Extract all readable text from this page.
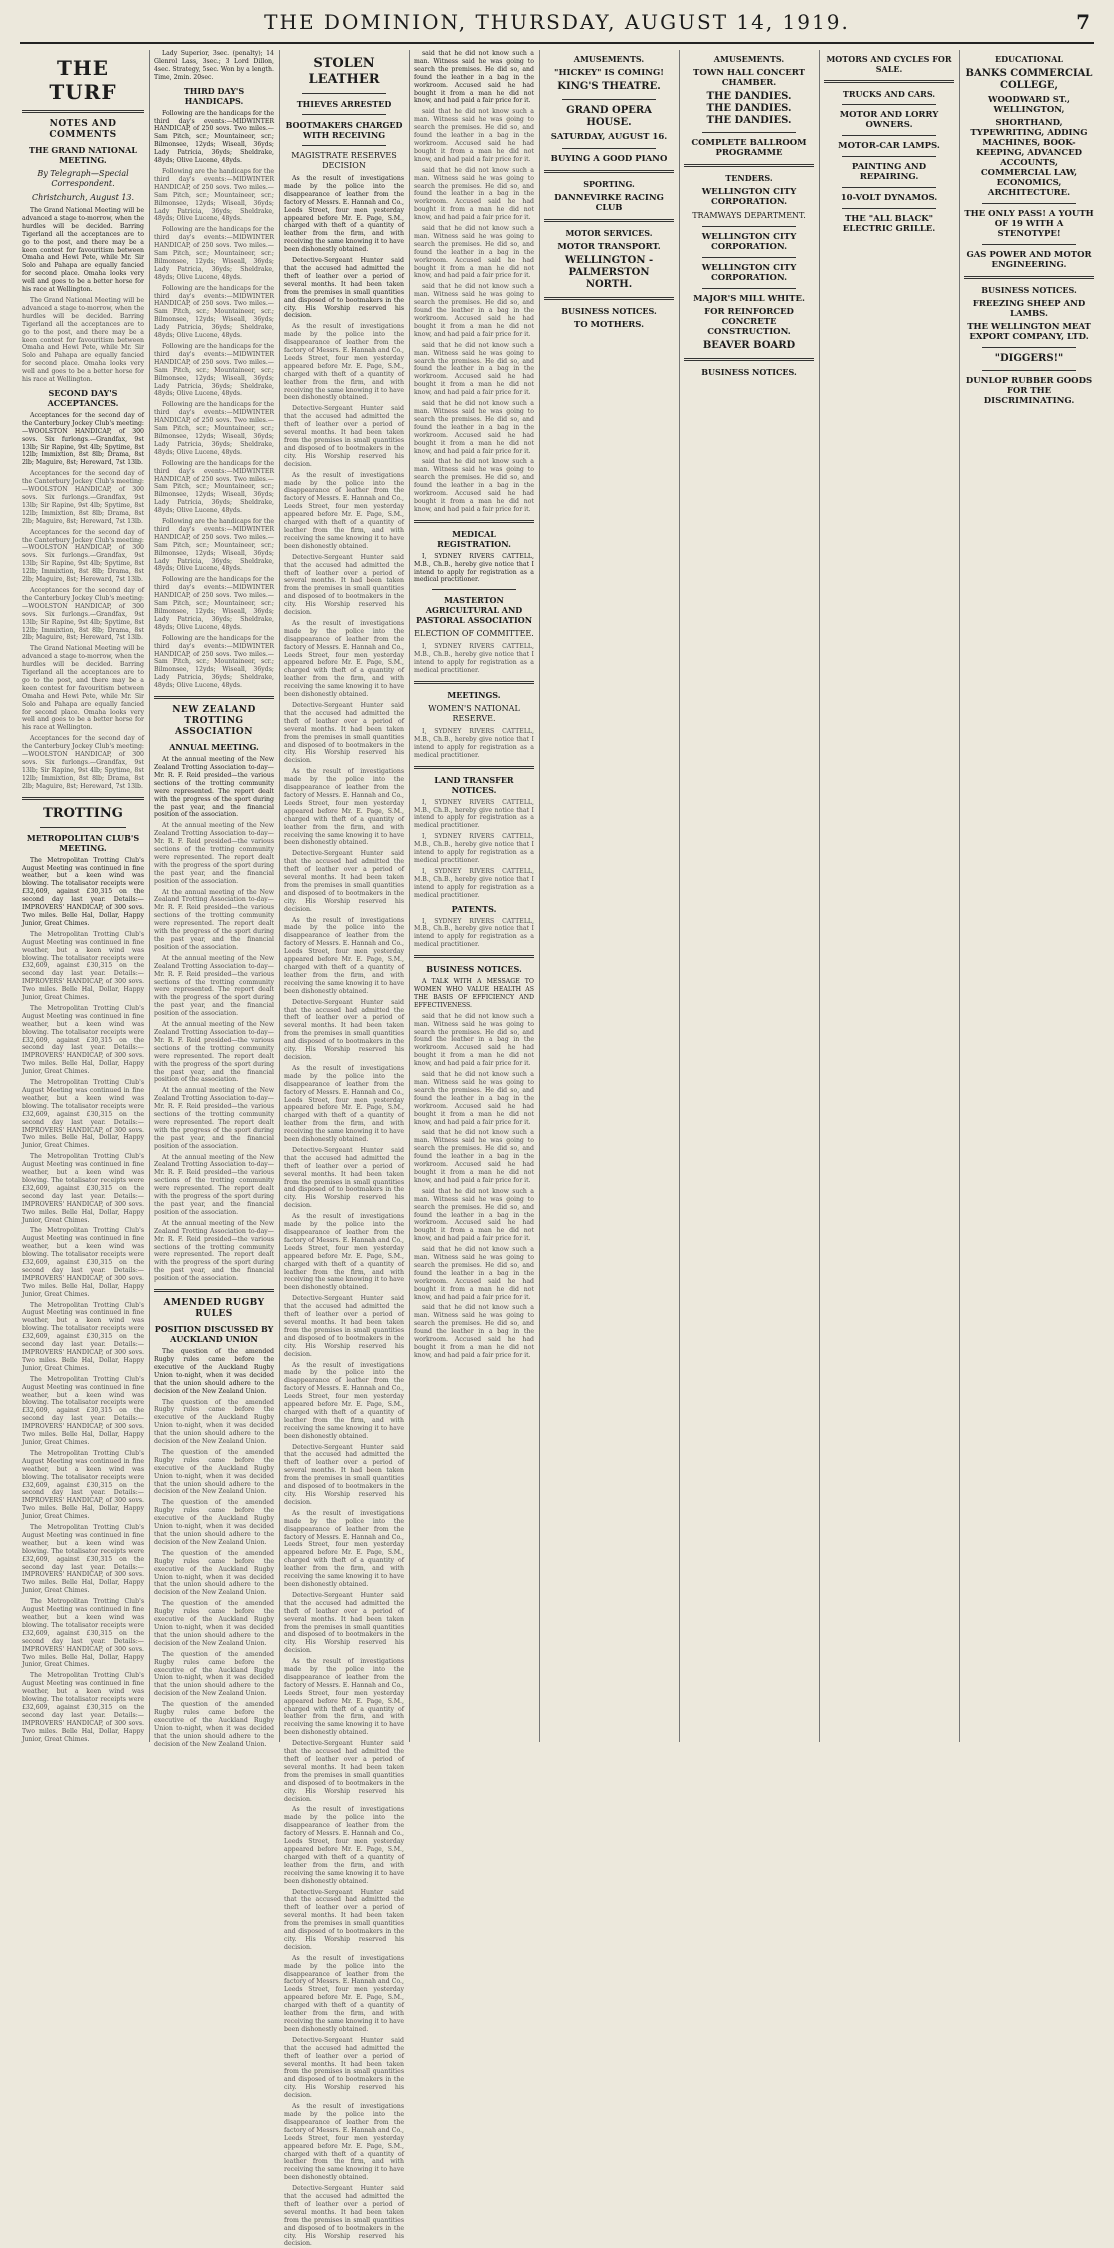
THE DOMINION, THURSDAY, AUGUST 14, 1919.	7
THE TURF
NOTES AND COMMENTS
THE GRAND NATIONAL MEETING.
By Telegraph—Special Correspondent.
Christchurch, August 13.

The Grand National Meeting will be advanced a stage to-morrow, when the hurdles will be decided. Barring Tigerland all the acceptances are to go to the post, and there may be a keen contest for favouritism between Omaha and Hewi Pete, while Mr. Sir Solo and Pahapa are equally fancied for second place. Omaha looks very well and goes to be a better horse for his race at Wellington.

The Grand National Meeting will be advanced a stage to-morrow, when the hurdles will be decided. Barring Tigerland all the acceptances are to go to the post, and there may be a keen contest for favouritism between Omaha and Hewi Pete, while Mr. Sir Solo and Pahapa are equally fancied for second place. Omaha looks very well and goes to be a better horse for his race at Wellington.

SECOND DAY'S ACCEPTANCES.

Acceptances for the second day of the Canterbury Jockey Club's meeting:—WOOLSTON HANDICAP, of 300 sovs. Six furlongs.—Grandfax, 9st 13lb; Sir Rapine, 9st 4lb; Spytime, 8st 12lb; Immixtion, 8st 8lb; Drama, 8st 2lb; Maguire, 8st; Hereward, 7st 13lb.

Acceptances for the second day of the Canterbury Jockey Club's meeting:—WOOLSTON HANDICAP, of 300 sovs. Six furlongs.—Grandfax, 9st 13lb; Sir Rapine, 9st 4lb; Spytime, 8st 12lb; Immixtion, 8st 8lb; Drama, 8st 2lb; Maguire, 8st; Hereward, 7st 13lb.

Acceptances for the second day of the Canterbury Jockey Club's meeting:—WOOLSTON HANDICAP, of 300 sovs. Six furlongs.—Grandfax, 9st 13lb; Sir Rapine, 9st 4lb; Spytime, 8st 12lb; Immixtion, 8st 8lb; Drama, 8st 2lb; Maguire, 8st; Hereward, 7st 13lb.

Acceptances for the second day of the Canterbury Jockey Club's meeting:—WOOLSTON HANDICAP, of 300 sovs. Six furlongs.—Grandfax, 9st 13lb; Sir Rapine, 9st 4lb; Spytime, 8st 12lb; Immixtion, 8st 8lb; Drama, 8st 2lb; Maguire, 8st; Hereward, 7st 13lb.

The Grand National Meeting will be advanced a stage to-morrow, when the hurdles will be decided. Barring Tigerland all the acceptances are to go to the post, and there may be a keen contest for favouritism between Omaha and Hewi Pete, while Mr. Sir Solo and Pahapa are equally fancied for second place. Omaha looks very well and goes to be a better horse for his race at Wellington.

Acceptances for the second day of the Canterbury Jockey Club's meeting:—WOOLSTON HANDICAP, of 300 sovs. Six furlongs.—Grandfax, 9st 13lb; Sir Rapine, 9st 4lb; Spytime, 8st 12lb; Immixtion, 8st 8lb; Drama, 8st 2lb; Maguire, 8st; Hereward, 7st 13lb.

TROTTING
METROPOLITAN CLUB'S MEETING.

The Metropolitan Trotting Club's August Meeting was continued in fine weather, but a keen wind was blowing. The totalisator receipts were £32,609, against £30,315 on the second day last year. Details:—IMPROVERS' HANDICAP, of 300 sovs. Two miles. Belle Hal, Dollar, Happy Junior, Great Chimes.

The Metropolitan Trotting Club's August Meeting was continued in fine weather, but a keen wind was blowing. The totalisator receipts were £32,609, against £30,315 on the second day last year. Details:—IMPROVERS' HANDICAP, of 300 sovs. Two miles. Belle Hal, Dollar, Happy Junior, Great Chimes.

The Metropolitan Trotting Club's August Meeting was continued in fine weather, but a keen wind was blowing. The totalisator receipts were £32,609, against £30,315 on the second day last year. Details:—IMPROVERS' HANDICAP, of 300 sovs. Two miles. Belle Hal, Dollar, Happy Junior, Great Chimes.

The Metropolitan Trotting Club's August Meeting was continued in fine weather, but a keen wind was blowing. The totalisator receipts were £32,609, against £30,315 on the second day last year. Details:—IMPROVERS' HANDICAP, of 300 sovs. Two miles. Belle Hal, Dollar, Happy Junior, Great Chimes.

The Metropolitan Trotting Club's August Meeting was continued in fine weather, but a keen wind was blowing. The totalisator receipts were £32,609, against £30,315 on the second day last year. Details:—IMPROVERS' HANDICAP, of 300 sovs. Two miles. Belle Hal, Dollar, Happy Junior, Great Chimes.

The Metropolitan Trotting Club's August Meeting was continued in fine weather, but a keen wind was blowing. The totalisator receipts were £32,609, against £30,315 on the second day last year. Details:—IMPROVERS' HANDICAP, of 300 sovs. Two miles. Belle Hal, Dollar, Happy Junior, Great Chimes.

The Metropolitan Trotting Club's August Meeting was continued in fine weather, but a keen wind was blowing. The totalisator receipts were £32,609, against £30,315 on the second day last year. Details:—IMPROVERS' HANDICAP, of 300 sovs. Two miles. Belle Hal, Dollar, Happy Junior, Great Chimes.

The Metropolitan Trotting Club's August Meeting was continued in fine weather, but a keen wind was blowing. The totalisator receipts were £32,609, against £30,315 on the second day last year. Details:—IMPROVERS' HANDICAP, of 300 sovs. Two miles. Belle Hal, Dollar, Happy Junior, Great Chimes.

The Metropolitan Trotting Club's August Meeting was continued in fine weather, but a keen wind was blowing. The totalisator receipts were £32,609, against £30,315 on the second day last year. Details:—IMPROVERS' HANDICAP, of 300 sovs. Two miles. Belle Hal, Dollar, Happy Junior, Great Chimes.

The Metropolitan Trotting Club's August Meeting was continued in fine weather, but a keen wind was blowing. The totalisator receipts were £32,609, against £30,315 on the second day last year. Details:—IMPROVERS' HANDICAP, of 300 sovs. Two miles. Belle Hal, Dollar, Happy Junior, Great Chimes.

The Metropolitan Trotting Club's August Meeting was continued in fine weather, but a keen wind was blowing. The totalisator receipts were £32,609, against £30,315 on the second day last year. Details:—IMPROVERS' HANDICAP, of 300 sovs. Two miles. Belle Hal, Dollar, Happy Junior, Great Chimes.

The Metropolitan Trotting Club's August Meeting was continued in fine weather, but a keen wind was blowing. The totalisator receipts were £32,609, against £30,315 on the second day last year. Details:—IMPROVERS' HANDICAP, of 300 sovs. Two miles. Belle Hal, Dollar, Happy Junior, Great Chimes.

Lady Superior, 3sec. (penalty); 14 Glenrol Lass, 3sec.; 3 Lord Dillon, 4sec. Strategy, 5sec. Won by a length. Time, 2min. 20sec.

THIRD DAY'S HANDICAPS.

Following are the handicaps for the third day's events:—MIDWINTER HANDICAP, of 250 sovs. Two miles.—Sam Pitch, scr.; Mountaineer, scr.; Bilmonsee, 12yds; Wiseall, 36yds; Lady Patricia, 36yds; Sheldrake, 48yds; Olive Lucene, 48yds.

Following are the handicaps for the third day's events:—MIDWINTER HANDICAP, of 250 sovs. Two miles.—Sam Pitch, scr.; Mountaineer, scr.; Bilmonsee, 12yds; Wiseall, 36yds; Lady Patricia, 36yds; Sheldrake, 48yds; Olive Lucene, 48yds.

Following are the handicaps for the third day's events:—MIDWINTER HANDICAP, of 250 sovs. Two miles.—Sam Pitch, scr.; Mountaineer, scr.; Bilmonsee, 12yds; Wiseall, 36yds; Lady Patricia, 36yds; Sheldrake, 48yds; Olive Lucene, 48yds.

Following are the handicaps for the third day's events:—MIDWINTER HANDICAP, of 250 sovs. Two miles.—Sam Pitch, scr.; Mountaineer, scr.; Bilmonsee, 12yds; Wiseall, 36yds; Lady Patricia, 36yds; Sheldrake, 48yds; Olive Lucene, 48yds.

Following are the handicaps for the third day's events:—MIDWINTER HANDICAP, of 250 sovs. Two miles.—Sam Pitch, scr.; Mountaineer, scr.; Bilmonsee, 12yds; Wiseall, 36yds; Lady Patricia, 36yds; Sheldrake, 48yds; Olive Lucene, 48yds.

Following are the handicaps for the third day's events:—MIDWINTER HANDICAP, of 250 sovs. Two miles.—Sam Pitch, scr.; Mountaineer, scr.; Bilmonsee, 12yds; Wiseall, 36yds; Lady Patricia, 36yds; Sheldrake, 48yds; Olive Lucene, 48yds.

Following are the handicaps for the third day's events:—MIDWINTER HANDICAP, of 250 sovs. Two miles.—Sam Pitch, scr.; Mountaineer, scr.; Bilmonsee, 12yds; Wiseall, 36yds; Lady Patricia, 36yds; Sheldrake, 48yds; Olive Lucene, 48yds.

Following are the handicaps for the third day's events:—MIDWINTER HANDICAP, of 250 sovs. Two miles.—Sam Pitch, scr.; Mountaineer, scr.; Bilmonsee, 12yds; Wiseall, 36yds; Lady Patricia, 36yds; Sheldrake, 48yds; Olive Lucene, 48yds.

Following are the handicaps for the third day's events:—MIDWINTER HANDICAP, of 250 sovs. Two miles.—Sam Pitch, scr.; Mountaineer, scr.; Bilmonsee, 12yds; Wiseall, 36yds; Lady Patricia, 36yds; Sheldrake, 48yds; Olive Lucene, 48yds.

Following are the handicaps for the third day's events:—MIDWINTER HANDICAP, of 250 sovs. Two miles.—Sam Pitch, scr.; Mountaineer, scr.; Bilmonsee, 12yds; Wiseall, 36yds; Lady Patricia, 36yds; Sheldrake, 48yds; Olive Lucene, 48yds.

NEW ZEALAND TROTTING ASSOCIATION
ANNUAL MEETING.

At the annual meeting of the New Zealand Trotting Association to-day—Mr. R. F. Reid presided—the various sections of the trotting community were represented. The report dealt with the progress of the sport during the past year, and the financial position of the association.

At the annual meeting of the New Zealand Trotting Association to-day—Mr. R. F. Reid presided—the various sections of the trotting community were represented. The report dealt with the progress of the sport during the past year, and the financial position of the association.

At the annual meeting of the New Zealand Trotting Association to-day—Mr. R. F. Reid presided—the various sections of the trotting community were represented. The report dealt with the progress of the sport during the past year, and the financial position of the association.

At the annual meeting of the New Zealand Trotting Association to-day—Mr. R. F. Reid presided—the various sections of the trotting community were represented. The report dealt with the progress of the sport during the past year, and the financial position of the association.

At the annual meeting of the New Zealand Trotting Association to-day—Mr. R. F. Reid presided—the various sections of the trotting community were represented. The report dealt with the progress of the sport during the past year, and the financial position of the association.

At the annual meeting of the New Zealand Trotting Association to-day—Mr. R. F. Reid presided—the various sections of the trotting community were represented. The report dealt with the progress of the sport during the past year, and the financial position of the association.

At the annual meeting of the New Zealand Trotting Association to-day—Mr. R. F. Reid presided—the various sections of the trotting community were represented. The report dealt with the progress of the sport during the past year, and the financial position of the association.

At the annual meeting of the New Zealand Trotting Association to-day—Mr. R. F. Reid presided—the various sections of the trotting community were represented. The report dealt with the progress of the sport during the past year, and the financial position of the association.

AMENDED RUGBY RULES
POSITION DISCUSSED BY AUCKLAND UNION

The question of the amended Rugby rules came before the executive of the Auckland Rugby Union to-night, when it was decided that the union should adhere to the decision of the New Zealand Union.

The question of the amended Rugby rules came before the executive of the Auckland Rugby Union to-night, when it was decided that the union should adhere to the decision of the New Zealand Union.

The question of the amended Rugby rules came before the executive of the Auckland Rugby Union to-night, when it was decided that the union should adhere to the decision of the New Zealand Union.

The question of the amended Rugby rules came before the executive of the Auckland Rugby Union to-night, when it was decided that the union should adhere to the decision of the New Zealand Union.

The question of the amended Rugby rules came before the executive of the Auckland Rugby Union to-night, when it was decided that the union should adhere to the decision of the New Zealand Union.

The question of the amended Rugby rules came before the executive of the Auckland Rugby Union to-night, when it was decided that the union should adhere to the decision of the New Zealand Union.

The question of the amended Rugby rules came before the executive of the Auckland Rugby Union to-night, when it was decided that the union should adhere to the decision of the New Zealand Union.

The question of the amended Rugby rules came before the executive of the Auckland Rugby Union to-night, when it was decided that the union should adhere to the decision of the New Zealand Union.

STOLEN LEATHER
THIEVES ARRESTED
BOOTMAKERS CHARGED WITH RECEIVING
MAGISTRATE RESERVES DECISION

As the result of investigations made by the police into the disappearance of leather from the factory of Messrs. E. Hannah and Co., Leeds Street, four men yesterday appeared before Mr. E. Page, S.M., charged with theft of a quantity of leather from the firm, and with receiving the same knowing it to have been dishonestly obtained.

Detective-Sergeant Hunter said that the accused had admitted the theft of leather over a period of several months. It had been taken from the premises in small quantities and disposed of to bootmakers in the city. His Worship reserved his decision.

As the result of investigations made by the police into the disappearance of leather from the factory of Messrs. E. Hannah and Co., Leeds Street, four men yesterday appeared before Mr. E. Page, S.M., charged with theft of a quantity of leather from the firm, and with receiving the same knowing it to have been dishonestly obtained.

Detective-Sergeant Hunter said that the accused had admitted the theft of leather over a period of several months. It had been taken from the premises in small quantities and disposed of to bootmakers in the city. His Worship reserved his decision.

As the result of investigations made by the police into the disappearance of leather from the factory of Messrs. E. Hannah and Co., Leeds Street, four men yesterday appeared before Mr. E. Page, S.M., charged with theft of a quantity of leather from the firm, and with receiving the same knowing it to have been dishonestly obtained.

Detective-Sergeant Hunter said that the accused had admitted the theft of leather over a period of several months. It had been taken from the premises in small quantities and disposed of to bootmakers in the city. His Worship reserved his decision.

As the result of investigations made by the police into the disappearance of leather from the factory of Messrs. E. Hannah and Co., Leeds Street, four men yesterday appeared before Mr. E. Page, S.M., charged with theft of a quantity of leather from the firm, and with receiving the same knowing it to have been dishonestly obtained.

Detective-Sergeant Hunter said that the accused had admitted the theft of leather over a period of several months. It had been taken from the premises in small quantities and disposed of to bootmakers in the city. His Worship reserved his decision.

As the result of investigations made by the police into the disappearance of leather from the factory of Messrs. E. Hannah and Co., Leeds Street, four men yesterday appeared before Mr. E. Page, S.M., charged with theft of a quantity of leather from the firm, and with receiving the same knowing it to have been dishonestly obtained.

Detective-Sergeant Hunter said that the accused had admitted the theft of leather over a period of several months. It had been taken from the premises in small quantities and disposed of to bootmakers in the city. His Worship reserved his decision.

As the result of investigations made by the police into the disappearance of leather from the factory of Messrs. E. Hannah and Co., Leeds Street, four men yesterday appeared before Mr. E. Page, S.M., charged with theft of a quantity of leather from the firm, and with receiving the same knowing it to have been dishonestly obtained.

Detective-Sergeant Hunter said that the accused had admitted the theft of leather over a period of several months. It had been taken from the premises in small quantities and disposed of to bootmakers in the city. His Worship reserved his decision.

As the result of investigations made by the police into the disappearance of leather from the factory of Messrs. E. Hannah and Co., Leeds Street, four men yesterday appeared before Mr. E. Page, S.M., charged with theft of a quantity of leather from the firm, and with receiving the same knowing it to have been dishonestly obtained.

Detective-Sergeant Hunter said that the accused had admitted the theft of leather over a period of several months. It had been taken from the premises in small quantities and disposed of to bootmakers in the city. His Worship reserved his decision.

As the result of investigations made by the police into the disappearance of leather from the factory of Messrs. E. Hannah and Co., Leeds Street, four men yesterday appeared before Mr. E. Page, S.M., charged with theft of a quantity of leather from the firm, and with receiving the same knowing it to have been dishonestly obtained.

Detective-Sergeant Hunter said that the accused had admitted the theft of leather over a period of several months. It had been taken from the premises in small quantities and disposed of to bootmakers in the city. His Worship reserved his decision.

As the result of investigations made by the police into the disappearance of leather from the factory of Messrs. E. Hannah and Co., Leeds Street, four men yesterday appeared before Mr. E. Page, S.M., charged with theft of a quantity of leather from the firm, and with receiving the same knowing it to have been dishonestly obtained.

Detective-Sergeant Hunter said that the accused had admitted the theft of leather over a period of several months. It had been taken from the premises in small quantities and disposed of to bootmakers in the city. His Worship reserved his decision.

As the result of investigations made by the police into the disappearance of leather from the factory of Messrs. E. Hannah and Co., Leeds Street, four men yesterday appeared before Mr. E. Page, S.M., charged with theft of a quantity of leather from the firm, and with receiving the same knowing it to have been dishonestly obtained.

Detective-Sergeant Hunter said that the accused had admitted the theft of leather over a period of several months. It had been taken from the premises in small quantities and disposed of to bootmakers in the city. His Worship reserved his decision.

As the result of investigations made by the police into the disappearance of leather from the factory of Messrs. E. Hannah and Co., Leeds Street, four men yesterday appeared before Mr. E. Page, S.M., charged with theft of a quantity of leather from the firm, and with receiving the same knowing it to have been dishonestly obtained.

Detective-Sergeant Hunter said that the accused had admitted the theft of leather over a period of several months. It had been taken from the premises in small quantities and disposed of to bootmakers in the city. His Worship reserved his decision.

As the result of investigations made by the police into the disappearance of leather from the factory of Messrs. E. Hannah and Co., Leeds Street, four men yesterday appeared before Mr. E. Page, S.M., charged with theft of a quantity of leather from the firm, and with receiving the same knowing it to have been dishonestly obtained.

Detective-Sergeant Hunter said that the accused had admitted the theft of leather over a period of several months. It had been taken from the premises in small quantities and disposed of to bootmakers in the city. His Worship reserved his decision.

As the result of investigations made by the police into the disappearance of leather from the factory of Messrs. E. Hannah and Co., Leeds Street, four men yesterday appeared before Mr. E. Page, S.M., charged with theft of a quantity of leather from the firm, and with receiving the same knowing it to have been dishonestly obtained.

Detective-Sergeant Hunter said that the accused had admitted the theft of leather over a period of several months. It had been taken from the premises in small quantities and disposed of to bootmakers in the city. His Worship reserved his decision.

As the result of investigations made by the police into the disappearance of leather from the factory of Messrs. E. Hannah and Co., Leeds Street, four men yesterday appeared before Mr. E. Page, S.M., charged with theft of a quantity of leather from the firm, and with receiving the same knowing it to have been dishonestly obtained.

Detective-Sergeant Hunter said that the accused had admitted the theft of leather over a period of several months. It had been taken from the premises in small quantities and disposed of to bootmakers in the city. His Worship reserved his decision.

said that he did not know such a man. Witness said he was going to search the premises. He did so, and found the leather in a bag in the workroom. Accused said he had bought it from a man he did not know, and had paid a fair price for it.

said that he did not know such a man. Witness said he was going to search the premises. He did so, and found the leather in a bag in the workroom. Accused said he had bought it from a man he did not know, and had paid a fair price for it.

said that he did not know such a man. Witness said he was going to search the premises. He did so, and found the leather in a bag in the workroom. Accused said he had bought it from a man he did not know, and had paid a fair price for it.

said that he did not know such a man. Witness said he was going to search the premises. He did so, and found the leather in a bag in the workroom. Accused said he had bought it from a man he did not know, and had paid a fair price for it.

said that he did not know such a man. Witness said he was going to search the premises. He did so, and found the leather in a bag in the workroom. Accused said he had bought it from a man he did not know, and had paid a fair price for it.

said that he did not know such a man. Witness said he was going to search the premises. He did so, and found the leather in a bag in the workroom. Accused said he had bought it from a man he did not know, and had paid a fair price for it.

said that he did not know such a man. Witness said he was going to search the premises. He did so, and found the leather in a bag in the workroom. Accused said he had bought it from a man he did not know, and had paid a fair price for it.

said that he did not know such a man. Witness said he was going to search the premises. He did so, and found the leather in a bag in the workroom. Accused said he had bought it from a man he did not know, and had paid a fair price for it.

MEDICAL REGISTRATION.

I, SYDNEY RIVERS CATTELL, M.B., Ch.B., hereby give notice that I intend to apply for registration as a medical practitioner.

MASTERTON AGRICULTURAL AND PASTORAL ASSOCIATION
ELECTION OF COMMITTEE.

I, SYDNEY RIVERS CATTELL, M.B., Ch.B., hereby give notice that I intend to apply for registration as a medical practitioner.

MEETINGS.
WOMEN'S NATIONAL RESERVE.

I, SYDNEY RIVERS CATTELL, M.B., Ch.B., hereby give notice that I intend to apply for registration as a medical practitioner.

LAND TRANSFER NOTICES.

I, SYDNEY RIVERS CATTELL, M.B., Ch.B., hereby give notice that I intend to apply for registration as a medical practitioner.

I, SYDNEY RIVERS CATTELL, M.B., Ch.B., hereby give notice that I intend to apply for registration as a medical practitioner.

I, SYDNEY RIVERS CATTELL, M.B., Ch.B., hereby give notice that I intend to apply for registration as a medical practitioner.

PATENTS.

I, SYDNEY RIVERS CATTELL, M.B., Ch.B., hereby give notice that I intend to apply for registration as a medical practitioner.

BUSINESS NOTICES.

A TALK WITH A MESSAGE TO WOMEN WHO VALUE HEALTH AS THE BASIS OF EFFICIENCY AND EFFECTIVENESS.

said that he did not know such a man. Witness said he was going to search the premises. He did so, and found the leather in a bag in the workroom. Accused said he had bought it from a man he did not know, and had paid a fair price for it.

said that he did not know such a man. Witness said he was going to search the premises. He did so, and found the leather in a bag in the workroom. Accused said he had bought it from a man he did not know, and had paid a fair price for it.

said that he did not know such a man. Witness said he was going to search the premises. He did so, and found the leather in a bag in the workroom. Accused said he had bought it from a man he did not know, and had paid a fair price for it.

said that he did not know such a man. Witness said he was going to search the premises. He did so, and found the leather in a bag in the workroom. Accused said he had bought it from a man he did not know, and had paid a fair price for it.

said that he did not know such a man. Witness said he was going to search the premises. He did so, and found the leather in a bag in the workroom. Accused said he had bought it from a man he did not know, and had paid a fair price for it.

said that he did not know such a man. Witness said he was going to search the premises. He did so, and found the leather in a bag in the workroom. Accused said he had bought it from a man he did not know, and had paid a fair price for it.

AMUSEMENTS.
"HICKEY" IS COMING!
KING'S THEATRE.
GRAND OPERA HOUSE.
SATURDAY, AUGUST 16.
BUYING A GOOD PIANO
SPORTING.
DANNEVIRKE RACING CLUB
MOTOR SERVICES.
MOTOR TRANSPORT.
WELLINGTON - PALMERSTON NORTH.
BUSINESS NOTICES.
TO MOTHERS.
AMUSEMENTS.
TOWN HALL CONCERT CHAMBER.
THE DANDIES.
THE DANDIES.
THE DANDIES.
COMPLETE BALLROOM PROGRAMME
TENDERS.
WELLINGTON CITY CORPORATION.
TRAMWAYS DEPARTMENT.
WELLINGTON CITY CORPORATION.
WELLINGTON CITY CORPORATION.
MAJOR'S MILL WHITE.
FOR REINFORCED CONCRETE CONSTRUCTION.
BEAVER BOARD
BUSINESS NOTICES.
MOTORS AND CYCLES FOR SALE.
TRUCKS AND CARS.
MOTOR AND LORRY OWNERS.
MOTOR-CAR LAMPS.
PAINTING AND REPAIRING.
10-VOLT DYNAMOS.
THE "ALL BLACK" ELECTRIC GRILLE.
EDUCATIONAL
BANKS COMMERCIAL COLLEGE,
WOODWARD ST., WELLINGTON,
SHORTHAND, TYPEWRITING, ADDING MACHINES, BOOK-KEEPING, ADVANCED ACCOUNTS, COMMERCIAL LAW, ECONOMICS, ARCHITECTURE.
THE ONLY PASS! A YOUTH OF 19 WITH A STENOTYPE!
GAS POWER AND MOTOR ENGINEERING.
BUSINESS NOTICES.
FREEZING SHEEP AND LAMBS.
THE WELLINGTON MEAT EXPORT COMPANY, LTD.
"DIGGERS!"
DUNLOP RUBBER GOODS FOR THE DISCRIMINATING.
